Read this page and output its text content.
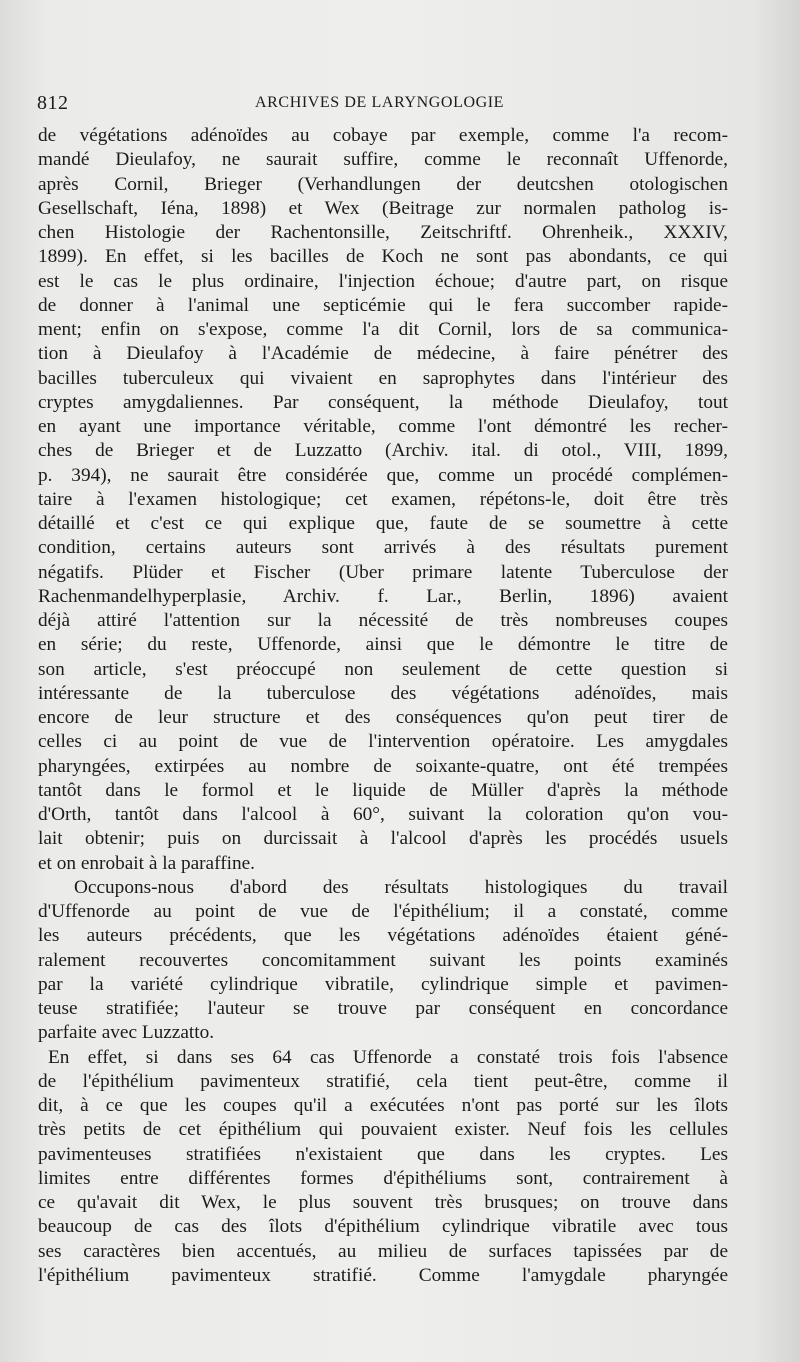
812	ARCHIVES DE LARYNGOLOGIE
de végétations adénoïdes au cobaye par exemple, comme l'a recom-
mandé Dieulafoy, ne saurait suffire, comme le reconnaît Uffenorde,
après Cornil, Brieger (Verhandlungen der deutcshen otologischen
Gesellschaft, Iéna, 1898) et Wex (Beitrage zur normalen patholog is-
chen Histologie der Rachentonsille, Zeitschriftf. Ohrenheik., XXXIV,
1899). En effet, si les bacilles de Koch ne sont pas abondants, ce qui
est le cas le plus ordinaire, l'injection échoue; d'autre part, on risque
de donner à l'animal une septicémie qui le fera succomber rapide-
ment; enfin on s'expose, comme l'a dit Cornil, lors de sa communica-
tion à Dieulafoy à l'Académie de médecine, à faire pénétrer des
bacilles tuberculeux qui vivaient en saprophytes dans l'intérieur des
cryptes amygdaliennes. Par conséquent, la méthode Dieulafoy, tout
en ayant une importance véritable, comme l'ont démontré les recher-
ches de Brieger et de Luzzatto (Archiv. ital. di otol., VIII, 1899,
p. 394), ne saurait être considérée que, comme un procédé complémen-
taire à l'examen histologique; cet examen, répétons-le, doit être très
détaillé et c'est ce qui explique que, faute de se soumettre à cette
condition, certains auteurs sont arrivés à des résultats purement
négatifs. Plüder et Fischer (Uber primare latente Tuberculose der
Rachenmandelhyperplasie, Archiv. f. Lar., Berlin, 1896) avaient
déjà attiré l'attention sur la nécessité de très nombreuses coupes
en série; du reste, Uffenorde, ainsi que le démontre le titre de
son article, s'est préoccupé non seulement de cette question si
intéressante de la tuberculose des végétations adénoïdes, mais
encore de leur structure et des conséquences qu'on peut tirer de
celles ci au point de vue de l'intervention opératoire. Les amygdales
pharyngées, extirpées au nombre de soixante-quatre, ont été trempées
tantôt dans le formol et le liquide de Müller d'après la méthode
d'Orth, tantôt dans l'alcool à 60°, suivant la coloration qu'on vou-
lait obtenir; puis on durcissait à l'alcool d'après les procédés usuels
et on enrobait à la paraffine.
Occupons-nous d'abord des résultats histologiques du travail
d'Uffenorde au point de vue de l'épithélium; il a constaté, comme
les auteurs précédents, que les végétations adénoïdes étaient géné-
ralement recouvertes concomitamment suivant les points examinés
par la variété cylindrique vibratile, cylindrique simple et pavimen-
teuse stratifiée; l'auteur se trouve par conséquent en concordance
parfaite avec Luzzatto.
En effet, si dans ses 64 cas Uffenorde a constaté trois fois l'absence
de l'épithélium pavimenteux stratifié, cela tient peut-être, comme il
dit, à ce que les coupes qu'il a exécutées n'ont pas porté sur les îlots
très petits de cet épithélium qui pouvaient exister. Neuf fois les cellules
pavimenteuses stratifiées n'existaient que dans les cryptes. Les
limites entre différentes formes d'épithéliums sont, contrairement à
ce qu'avait dit Wex, le plus souvent très brusques; on trouve dans
beaucoup de cas des îlots d'épithélium cylindrique vibratile avec tous
ses caractères bien accentués, au milieu de surfaces tapissées par de
l'épithélium pavimenteux stratifié. Comme l'amygdale pharyngée
